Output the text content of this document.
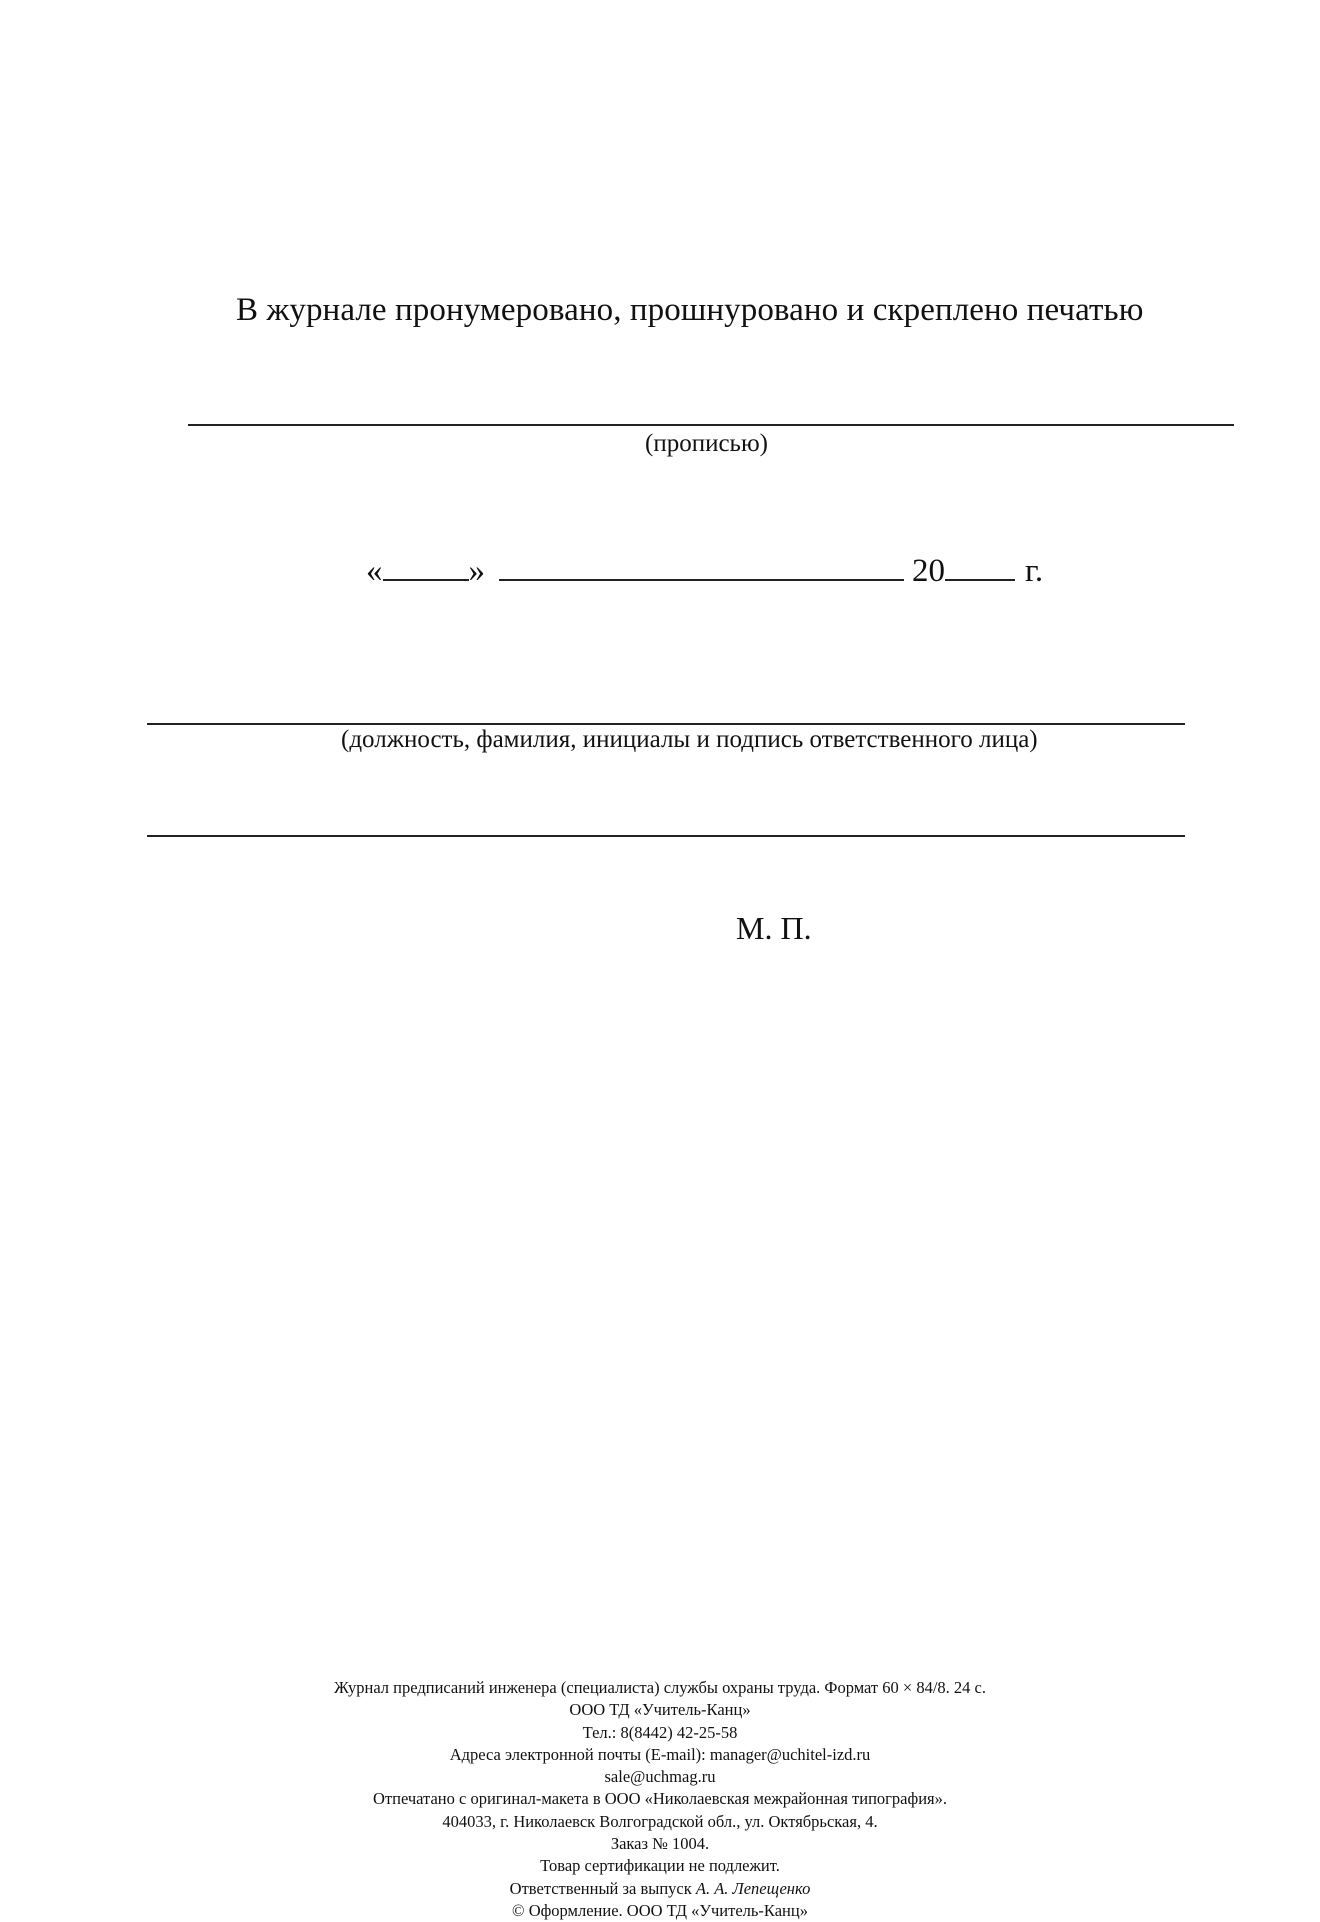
В журнале пронумеровано, прошнуровано и скреплено печатью
(прописью)
«	»	20 г.
(должность, фамилия, инициалы и подпись ответственного лица)
М. П.
Журнал предписаний инженера (специалиста) службы охраны труда. Формат 60 × 84/8. 24 с.
ООО ТД «Учитель-Канц»
Тел.: 8(8442) 42-25-58
Адреса электронной почты (E-mail): manager@uchitel-izd.ru
sale@uchmag.ru
Отпечатано с оригинал-макета в ООО «Николаевская межрайонная типография».
404033, г. Николаевск Волгоградской обл., ул. Октябрьская, 4.
Заказ № 1004.
Товар сертификации не подлежит.
Ответственный за выпуск А. А. Лепещенко
© Оформление. ООО ТД «Учитель-Канц»
